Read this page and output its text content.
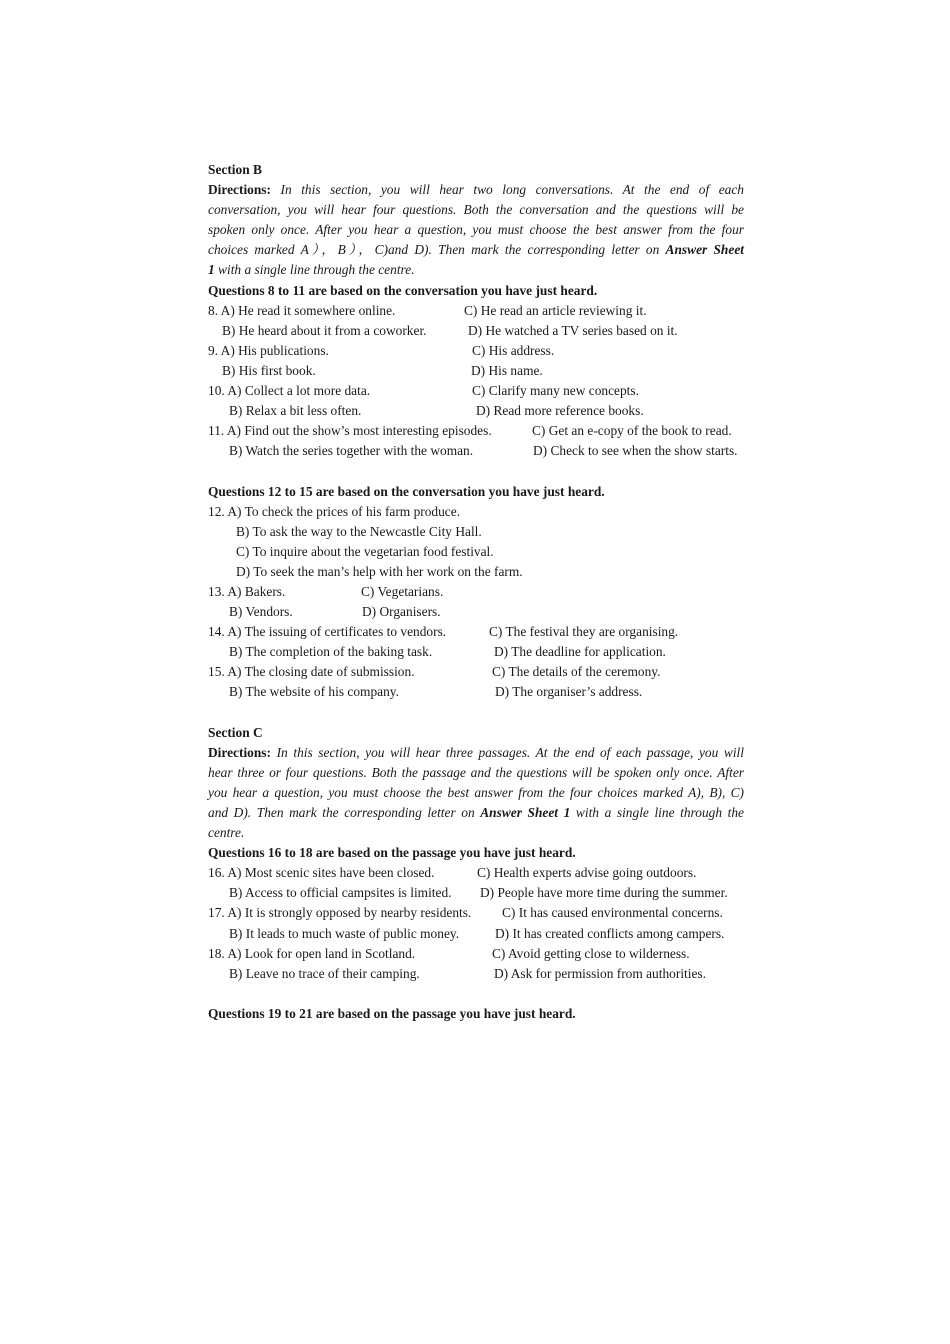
Section B
Directions: In this section, you will hear two long conversations. At the end of each
conversation, you will hear four questions. Both the conversation and the questions will be
spoken only once. After you hear a question, you must choose the best answer from the four
choices marked A），B），C)and D). Then mark the corresponding letter on Answer Sheet
1 with a single line through the centre.
Questions 8 to 11 are based on the conversation you have just heard.
8. A) He read it somewhere online.	C) He read an article reviewing it.
B) He heard about it from a coworker.	D) He watched a TV series based on it.
9. A) His publications.	C) His address.
B) His first book.	D) His name.
10. A) Collect a lot more data.	C) Clarify many new concepts.
B) Relax a bit less often.	D) Read more reference books.
11. A) Find out the show’s most interesting episodes.	C) Get an e-copy of the book to read.
B) Watch the series together with the woman.	D) Check to see when the show starts.
Questions 12 to 15 are based on the conversation you have just heard.
12. A) To check the prices of his farm produce.
B) To ask the way to the Newcastle City Hall.
C) To inquire about the vegetarian food festival.
D) To seek the man’s help with her work on the farm.
13. A) Bakers.	C) Vegetarians.
B) Vendors.	D) Organisers.
14. A) The issuing of certificates to vendors.	C) The festival they are organising.
B) The completion of the baking task.	D) The deadline for application.
15. A) The closing date of submission.	C) The details of the ceremony.
B) The website of his company.	D) The organiser’s address.
Section C
Directions: In this section, you will hear three passages. At the end of each passage, you will
hear three or four questions. Both the passage and the questions will be spoken only once. After
you hear a question, you must choose the best answer from the four choices marked A), B), C)
and D). Then mark the corresponding letter on Answer Sheet 1 with a single line through the
centre.
Questions 16 to 18 are based on the passage you have just heard.
16. A) Most scenic sites have been closed.	C) Health experts advise going outdoors.
B) Access to official campsites is limited. D) People have more time during the summer.
17. A) It is strongly opposed by nearby residents. C) It has caused environmental concerns.
B) It leads to much waste of public money.	D) It has created conflicts among campers.
18. A) Look for open land in Scotland.	C) Avoid getting close to wilderness.
B) Leave no trace of their camping.	D) Ask for permission from authorities.
Questions 19 to 21 are based on the passage you have just heard.
